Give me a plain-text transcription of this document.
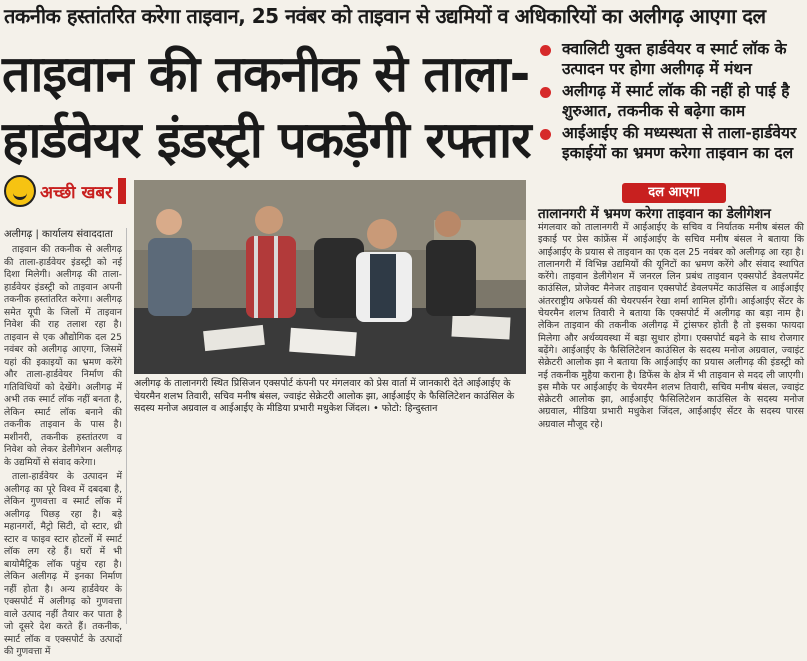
तकनीक हस्तांतरित करेगा ताइवान, 25 नवंबर को ताइवान से उद्यमियों व अधिकारियों का अलीगढ़ आएगा दल
ताइवान की तकनीक से ताला-
हार्डवेयर इंडस्ट्री पकड़ेगी रफ्तार
क्वालिटी युक्त हार्डवेयर व स्मार्ट लॉक के उत्पादन पर होगा अलीगढ़ में मंथन
अलीगढ़ में स्मार्ट लॉक की नहीं हो पाई है शुरुआत, तकनीक से बढ़ेगा काम
आईआईए की मध्यस्थता से ताला-हार्डवेयर इकाईयों का भ्रमण करेगा ताइवान का दल
अच्छी खबर
अलीगढ़ | कार्यालय संवाददाता

ताइवान की तकनीक से अलीगढ़ की ताला-हार्डवेयर इंडस्ट्री को नई दिशा मिलेगी। अलीगढ़ की ताला-हार्डवेयर इंडस्ट्री को ताइवान अपनी तकनीक हस्तांतरित करेगा। अलीगढ़ समेत यूपी के जिलों में ताइवान निवेश की राह तलाश रहा है। ताइवान से एक औद्योगिक दल 25 नवंबर को अलीगढ़ आएगा, जिसमें यहां की इकाइयों का भ्रमण करेंगे और ताला-हार्डवेयर निर्माण की गतिविधियों को देखेंगे। अलीगढ़ में अभी तक स्मार्ट लॉक नहीं बनता है, लेकिन स्मार्ट लॉक बनाने की तकनीक ताइवान के पास है। मशीनरी, तकनीक हस्तांतरण व निवेश को लेकर डेलीगेशन अलीगढ़ के उद्यमियों से संवाद करेगा।

ताला-हार्डवेयर के उत्पादन में अलीगढ़ का पूरे विश्व में दबदबा है, लेकिन गुणवत्ता व स्मार्ट लॉक में अलीगढ़ पिछड़ रहा है। बड़े महानगरों, मैट्रो सिटी, दो स्टार, थ्री स्टार व फाइव स्टार होटलों में स्मार्ट लॉक लग रहे हैं। घरों में भी बायोमैट्रिक लॉक पहुंच रहा है। लेकिन अलीगढ़ में इनका निर्माण नहीं होता है। अन्य हार्डवेयर के एक्सपोर्ट में अलीगढ़ को गुणवत्ता वाले उत्पाद नहीं तैयार कर पाता है जो दूसरे देश करते हैं। तकनीक, स्मार्ट लॉक व एक्सपोर्ट के उत्पादों की गुणवत्ता में

अलीगढ़ के तालानगरी स्थित प्रिसिजन एक्सपोर्ट कंपनी पर मंगलवार को प्रेस वार्ता में जानकारी देते आईआईए के चेयरमैन शलभ तिवारी, सचिव मनीष बंसल, ज्वाइंट सेक्रेटरी आलोक झा, आईआईए के फैसिलिटेशन काउंसिल के सदस्य मनोज अग्रवाल व आईआईए के मीडिया प्रभारी मधुकेश जिंदल। • फोटो: हिन्दुस्तान
दल आएगा
तालानगरी में भ्रमण करेगा ताइवान का डेलीगेशन
मंगलवार को तालानगरी में आईआईए के सचिव व निर्यातक मनीष बंसल की इकाई पर प्रेस कांफ्रेंस में आईआईए के सचिव मनीष बंसल ने बताया कि आईआईए के प्रयास से ताइवान का एक दल 25 नवंबर को अलीगढ़ आ रहा है। तालानगरी में विभिन्न उद्यमियों की यूनिटों का भ्रमण करेंगे और संवाद स्थापित करेंगे। ताइवान डेलीगेशन में जनरल लिन प्रबंध ताइवान एक्सपोर्ट डेवलपमेंट काउंसिल, प्रोजेक्ट मैनेजर ताइवान एक्सपोर्ट डेवलपमेंट काउंसिल व आईआईए अंतरराष्ट्रीय अफेयर्स की चेयरपर्सन रेखा शर्मा शामिल होंगी। आईआईए सेंटर के चेयरमैन शलभ तिवारी ने बताया कि एक्सपोर्ट में अलीगढ़ का बड़ा नाम है। लेकिन ताइवान की तकनीक अलीगढ़ में ट्रांसफर होती है तो इसका फायदा मिलेगा और अर्थव्यवस्था में बड़ा सुधार होगा। एक्सपोर्ट बढ़ने के साथ रोजगार बढ़ेंगे। आईआईए के फैसिलिटेशन काउंसिल के सदस्य मनोज अग्रवाल, ज्वाइंट सेक्रेटरी आलोक झा ने बताया कि आईआईए का प्रयास अलीगढ़ की इंडस्ट्री को नई तकनीक मुहैया कराना है। डिफेंस के क्षेत्र में भी ताइवान से मदद ली जाएगी। इस मौके पर आईआईए के चेयरमैन शलभ तिवारी, सचिव मनीष बंसल, ज्वाइंट सेक्रेटरी आलोक झा, आईआईए फैसिलिटेशन काउंसिल के सदस्य मनोज अग्रवाल, मीडिया प्रभारी मधुकेश जिंदल, आईआईए सेंटर के सदस्य पारस अग्रवाल मौजूद रहे।
